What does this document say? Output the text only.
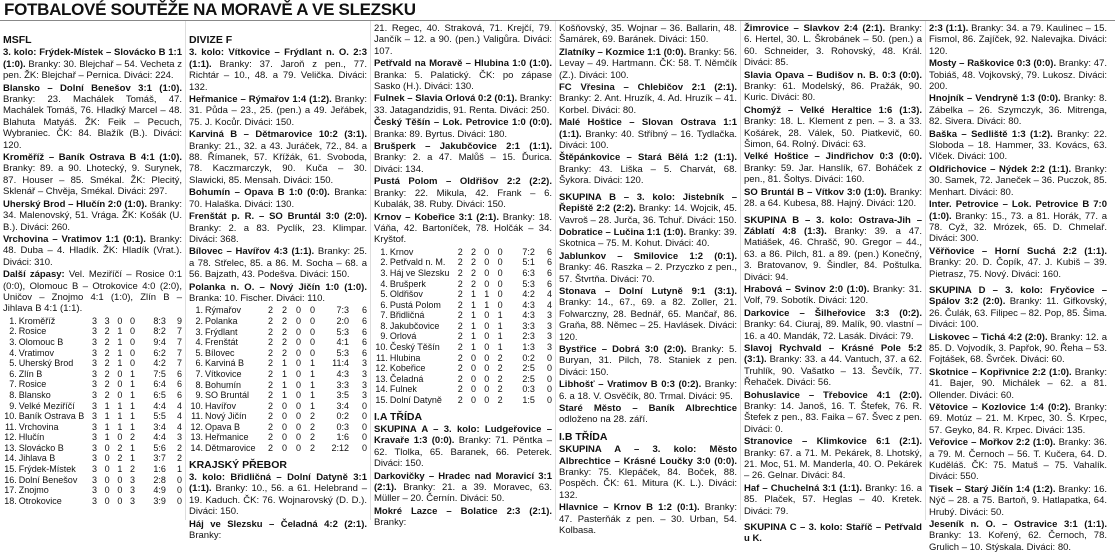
FOTBALOVÉ SOUTĚŽE NA MORAVĚ A VE SLEZSKU
MSFL

3. kolo: Frýdek-Místek – Slovácko B 1:1 (1:0). Branky: 30. Blejchař – 54. Vecheta z pen. ŽK: Blejchař – Pernica. Diváci: 224.

Blansko – Dolní Benešov 3:1 (1:0). Branky: 23. Machálek Tomáš, 47. Machálek Tomáš, 76. Hladký Marcel – 48. Blahuta Matyáš. ŽK: Feik – Pecuch, Wybraniec. ČK: 84. Blažík (B.). Diváci: 120.

Kroměříž – Baník Ostrava B 4:1 (1:0). Branky: 89. a 90. Lhotecký, 9. Surynek, 87. Houser – 85. Smékal. ŽK: Plecitý, Sklenář – Chvěja, Smékal. Diváci: 297.

Uherský Brod – Hlučín 2:0 (1:0). Branky: 34. Malenovský, 51. Vrága. ŽK: Košák (U. B.). Diváci: 260.

Vrchovina – Vratimov 1:1 (0:1). Branky: 48. Duba – 4. Hladík. ŽK: Hladík (Vrat.). Diváci: 310.

Další zápasy: Vel. Meziříčí – Rosice 0:1 (0:0), Olomouc B – Otrokovice 4:0 (2:0), Uničov – Znojmo 4:1 (1:0), Zlín B – Jihlava B 4:1 (1:1).

1.	Kroměříž	3	3	0	0	8:3	9
2.	Rosice	3	2	1	0	8:2	7
3.	Olomouc B	3	2	1	0	9:4	7
4.	Vratimov	3	2	1	0	6:2	7
5.	Uherský Brod	3	2	1	0	4:2	7
6.	Zlín B	3	2	0	1	7:5	6
7.	Rosice	3	2	0	1	6:4	6
8.	Blansko	3	2	0	1	6:5	6
9.	Velké Meziříčí	3	1	1	1	4:4	4
10.	Baník Ostrava B	3	1	1	1	5:5	4
11.	Vrchovina	3	1	1	1	3:4	4
12.	Hlučín	3	1	0	2	4:4	3
13.	Slovácko B	3	0	2	1	5:6	2
14.	Jihlava B	3	0	2	1	3:7	2
15.	Frýdek-Místek	3	0	1	2	1:6	1
16.	Dolní Benešov	3	0	0	3	2:8	0
17.	Znojmo	3	0	0	3	4:9	0
18.	Otrokovice	3	0	0	3	3:9	0
DIVIZE F

3. kolo: Vítkovice – Frýdlant n. O. 2:3 (1:1). Branky: 37. Jaroň z pen., 77. Richtár – 10., 48. a 79. Velička. Diváci: 132.

Heřmanice – Rýmařov 1:4 (1:2). Branky: 31. Půda – 23., 25. (pen.) a 49. Jeřábek, 75. J. Kocůr. Diváci: 150.

Karviná B – Dětmarovice 10:2 (3:1). Branky: 21., 32. a 43. Juráček, 72., 84. a 88. Římanek, 57. Křížák, 61. Svoboda, 78. Kaczmarczyk, 90. Kuča – 30. Slawicki, 85. Mensah. Diváci: 150.

Bohumín – Opava B 1:0 (0:0). Branka: 70. Halaška. Diváci: 130.

Frenštát p. R. – SO Bruntál 3:0 (2:0). Branky: 2. a 83. Pyclík, 23. Klimpar. Diváci: 368.

Bílovec – Havířov 4:3 (1:1). Branky: 25. a 78. Střelec, 85. a 86. M. Socha – 68. a 56. Bajzath, 43. Podešva. Diváci: 150.

Polanka n. O. – Nový Jičín 1:0 (1:0). Branka: 10. Fischer. Diváci: 110.

1.	Rýmařov	2	2	0	0	7:3	6
2.	Polanka	2	2	0	0	2:0	6
3.	Frýdlant	2	2	0	0	5:3	6
4.	Frenštát	2	2	0	0	4:1	6
5.	Bílovec	2	2	0	0	5:3	6
6.	Karviná B	2	1	0	1	11:4	3
7.	Vítkovice	2	1	0	1	4:3	3
8.	Bohumín	2	1	0	1	3:3	3
9.	SO Bruntál	2	1	0	1	3:5	3
10.	Havířov	2	0	0	1	3:4	0
11.	Nový Jičín	2	0	0	2	0:2	0
12.	Opava B	2	0	0	2	0:3	0
13.	Heřmanice	2	0	0	2	1:6	0
14.	Dětmarovice	2	0	0	2	2:12	0
KRAJSKÝ PŘEBOR

3. kolo: Břidličná – Dolní Datyně 3:1 (1:1). Branky: 10., 56. a 61. Helebrand – 19. Kaduch. ČK: 76. Wojnarovský (D. D.). Diváci: 150.

Háj ve Slezsku – Čeladná 4:2 (2:1). Branky:

21. Regec, 40. Straková, 71. Krejčí, 79. Jančík – 12. a 90. (pen.) Valigůra. Diváci: 107.

Petřvald na Moravě – Hlubina 1:0 (1:0). Branka: 5. Palatický. ČK: po zápase Sasko (H.). Diváci: 130.

Fulnek – Slavia Orlová 0:2 (0:1). Branky: 33. Jatagandzidis, 91. Renta. Diváci: 250.

Český Těšín – Lok. Petrovice 1:0 (0:0). Branka: 89. Byrtus. Diváci: 180.

Brušperk – Jakubčovice 2:1 (1:1). Branky: 2. a 47. Malůš – 15. Ďurica. Diváci: 134.

Pustá Polom – Oldřišov 2:2 (2:2). Branky: 22. Mikula, 42. Frank – 6. Kubalák, 38. Ruby. Diváci: 150.

Krnov – Kobeřice 3:1 (2:1). Branky: 18. Váňa, 42. Bartoníček, 78. Holčák – 34. Kryštof.

1.	Krnov	2	2	0	0	7:2	6
2.	Petřvald n. M.	2	2	0	0	5:1	6
3.	Háj ve Slezsku	2	2	0	0	6:3	6
4.	Brušperk	2	2	0	0	5:3	6
5.	Oldřišov	2	1	1	0	4:2	4
6.	Pustá Polom	2	1	1	0	4:3	4
7.	Břidličná	2	1	0	1	4:3	3
8.	Jakubčovice	2	1	0	1	3:3	3
9.	Orlová	2	1	0	1	2:3	3
10.	Český Těšín	2	1	0	1	1:3	3
11.	Hlubina	2	0	0	2	0:2	0
12.	Kobeřice	2	0	0	2	2:5	0
13.	Čeladná	2	0	0	2	2:5	0
14.	Fulnek	2	0	0	2	0:3	0
15.	Dolní Datyně	2	0	0	2	1:5	0
I.A TŘÍDA

SKUPINA A – 3. kolo: Ludgeřovice – Kravaře 1:3 (0:0). Branky: 71. Pěntka – 62. Tlolka, 65. Baranek, 66. Peterek. Diváci: 150.

Darkovičky – Hradec nad Moravicí 3:1 (2:1). Branky: 21. a 39. Moravec, 63. Müller – 20. Černín. Diváci: 50.

Mokré Lazce – Bolatice 2:3 (2:1). Branky:

Košňovský, 35. Wojnar – 36. Ballarin, 48. Šamárek, 69. Baránek. Diváci: 150.

Zlatníky – Kozmice 1:1 (0:0). Branky: 56. Levay – 49. Hartmann. ČK: 58. T. Němčík (Z.). Diváci: 100.

FC Vřesina – Chlebičov 2:1 (2:1). Branky: 2. Ant. Hruzík, 4. Ad. Hruzík – 41. Korbel. Diváci: 80.

Malé Hoštice – Slovan Ostrava 1:1 (1:1). Branky: 40. Stříbný – 16. Tydlačka. Diváci: 100.

Štěpánkovice – Stará Bělá 1:2 (1:1). Branky: 43. Liška – 5. Charvát, 68. Šykora. Diváci: 120.

SKUPINA B – 3. kolo: Jistebník – Řepiště 2:2 (2:2). Branky: 14. Wojcik, 45. Vavroš – 28. Jurča, 36. Tchuř. Diváci: 150.

Dobratice – Lučina 1:1 (1:0). Branky: 39. Skotnica – 75. M. Kohut. Diváci: 40.

Jablunkov – Smilovice 1:2 (0:1). Branky: 46. Raszka – 2. Przyczko z pen., 57. Štvrtňa. Diváci: 70.

Stonava – Dolní Lutyně 9:1 (3:1). Branky: 14., 67., 69. a 82. Zoller, 21. Folwarczny, 28. Bednář, 65. Mančař, 86. Graňa, 88. Němec – 25. Havlásek. Diváci: 120.

Bystřice – Dobrá 3:0 (2:0). Branky: 5. Buryan, 31. Pilch, 78. Staniek z pen. Diváci: 150.

Libhošť – Vratimov B 0:3 (0:2). Branky: 6. a 18. V. Osvěčík, 80. Trmal. Diváci: 95.

Staré Město – Baník Albrechtice odloženo na 28. září.

I.B TŘÍDA

SKUPINA A – 3. kolo: Město Albrechtice – Krásné Loučky 3:0 (0:0). Branky: 75. Klepáček, 84. Boček, 88. Pospěch. ČK: 61. Mitura (K. L.). Diváci: 132.

Hlavnice – Krnov B 1:2 (0:1). Branky: 47. Pasterňák z pen. – 30. Urban, 54. Kolbasa.

Žimrovice – Slavkov 2:4 (2:1). Branky: 6. Hertel, 30. L. Škrobánek – 50. (pen.) a 60. Schneider, 3. Rohovský, 48. Král. Diváci: 85.

Slavia Opava – Budišov n. B. 0:3 (0:0). Branky: 61. Modelský, 86. Pražák, 90. Kuric. Diváci: 80.

Chomýž – Velké Heraltice 1:6 (1:3). Branky: 18. L. Klement z pen. – 3. a 33. Košárek, 28. Válek, 50. Piatkevič, 60. Šimon, 64. Rolný. Diváci: 63.

Velké Hoštice – Jindřichov 0:3 (0:0). Branky: 59. Jar. Hanslík, 67. Boháček z pen., 81. Šoltys. Diváci: 160.

SO Bruntál B – Vítkov 3:0 (1:0). Branky: 28. a 64. Kubesa, 88. Hajný. Diváci: 120.

SKUPINA B – 3. kolo: Ostrava-Jih – Záblatí 4:8 (1:3). Branky: 39. a 47. Matiášek, 46. Chrašč, 90. Gregor – 44., 63. a 86. Pilch, 81. a 89. (pen.) Konečný, 3. Bratovanov, 9. Šindler, 84. Poštulka. Diváci: 94.

Hrabová – Svinov 2:0 (1:0). Branky: 31. Volf, 79. Sobotík. Diváci: 120.

Darkovice – Šilheřovice 3:3 (0:2). Branky: 64. Ciuraj, 89. Malík, 90. vlastní – 16. a 40. Mandák, 72. Lasák. Diváci: 79.

Slavoj Rychvald – Krásné Pole 5:2 (3:1). Branky: 33. a 44. Vantuch, 37. a 62. Truhlík, 90. Vašatko – 13. Ševčík, 77. Řehaček. Diváci: 56.

Bohuslavice – Třebovice 4:1 (2:0). Branky: 14. Janoš, 16. T. Štefek, 76. R. Štefek z pen., 83. Faika – 67. Švec z pen. Diváci: 0.

Stranovice – Klimkovice 6:1 (2:1). Branky: 67. a 71. M. Pekárek, 8. Lhotský, 21. Moc, 51. M. Manderla, 40. O. Pekárek – 26. Gelnar. Diváci: 84.

Haf – Chuchelná 3:1 (1:1). Branky: 16. a 85. Plaček, 57. Heglas – 40. Kretek. Diváci: 79.

SKUPINA C – 3. kolo: Staříč – Petřvald u K.

2:3 (1:1). Branky: 34. a 79. Kaulinec – 15. Fismol, 86. Zajíček, 92. Nalevajka. Diváci: 120.

Mosty – Raškovice 0:3 (0:0). Branky: 47. Tobiáš, 48. Vojkovský, 79. Lukosz. Diváci: 200.

Hnojník – Vendryně 1:3 (0:0). Branky: 8. Zábelka – 26. Szymczyk, 36. Mitrenga, 82. Sivera. Diváci: 80.

Baška – Sedliště 1:3 (1:2). Branky: 22. Sloboda – 18. Hammer, 33. Kovács, 63. Vlček. Diváci: 100.

Oldřichovice – Nýdek 2:2 (1:1). Branky: 30. Samek, 72. Janeček – 36. Puczok, 85. Menhart. Diváci: 80.

Inter. Petrovice – Lok. Petrovice B 7:0 (1:0). Branky: 15., 73. a 81. Horák, 77. a 78. Cyž, 32. Mrózek, 65. D. Chmelař. Diváci: 300.

Věřňovice – Horní Suchá 2:2 (1:1). Branky: 20. D. Čopík, 47. J. Kubiš – 39. Pietrasz, 75. Nový. Diváci: 160.

SKUPINA D – 3. kolo: Fryčovice – Spálov 3:2 (2:0). Branky: 11. Gifkovský, 26. Čulák, 63. Filipec – 82. Pop, 85. Šima. Diváci: 100.

Liskovec – Tichá 4:2 (2:0). Branky: 12. a 85. D. Vojvodík, 3. Papřok, 90. Řeha – 53. Fojtášek, 68. Švrček. Diváci: 60.

Skotnice – Kopřivnice 2:2 (1:0). Branky: 41. Bajer, 90. Michálek – 62. a 81. Ollender. Diváci: 60.

Větovice – Kozlovice 1:4 (0:2). Branky: 69. Motúz – 21. M. Krpec, 30. Š. Krpec, 57. Geyko, 84. R. Krpec. Diváci: 135.

Veřovice – Mořkov 2:2 (1:0). Branky: 36. a 79. M. Černoch – 56. T. Kučera, 64. D. Kuděláš. ČK: 75. Matuš – 75. Vahalík. Diváci: 550.

Tisek – Starý Jičín 1:4 (1:2). Branky: 16. Nýč – 28. a 75. Bartoň, 9. Hatlapatka, 64. Hrubý. Diváci: 50.

Jeseník n. O. – Ostravice 3:1 (1:1). Branky: 13. Kořený, 62. Černoch, 78. Grulich – 10. Stýskala. Diváci: 80.
